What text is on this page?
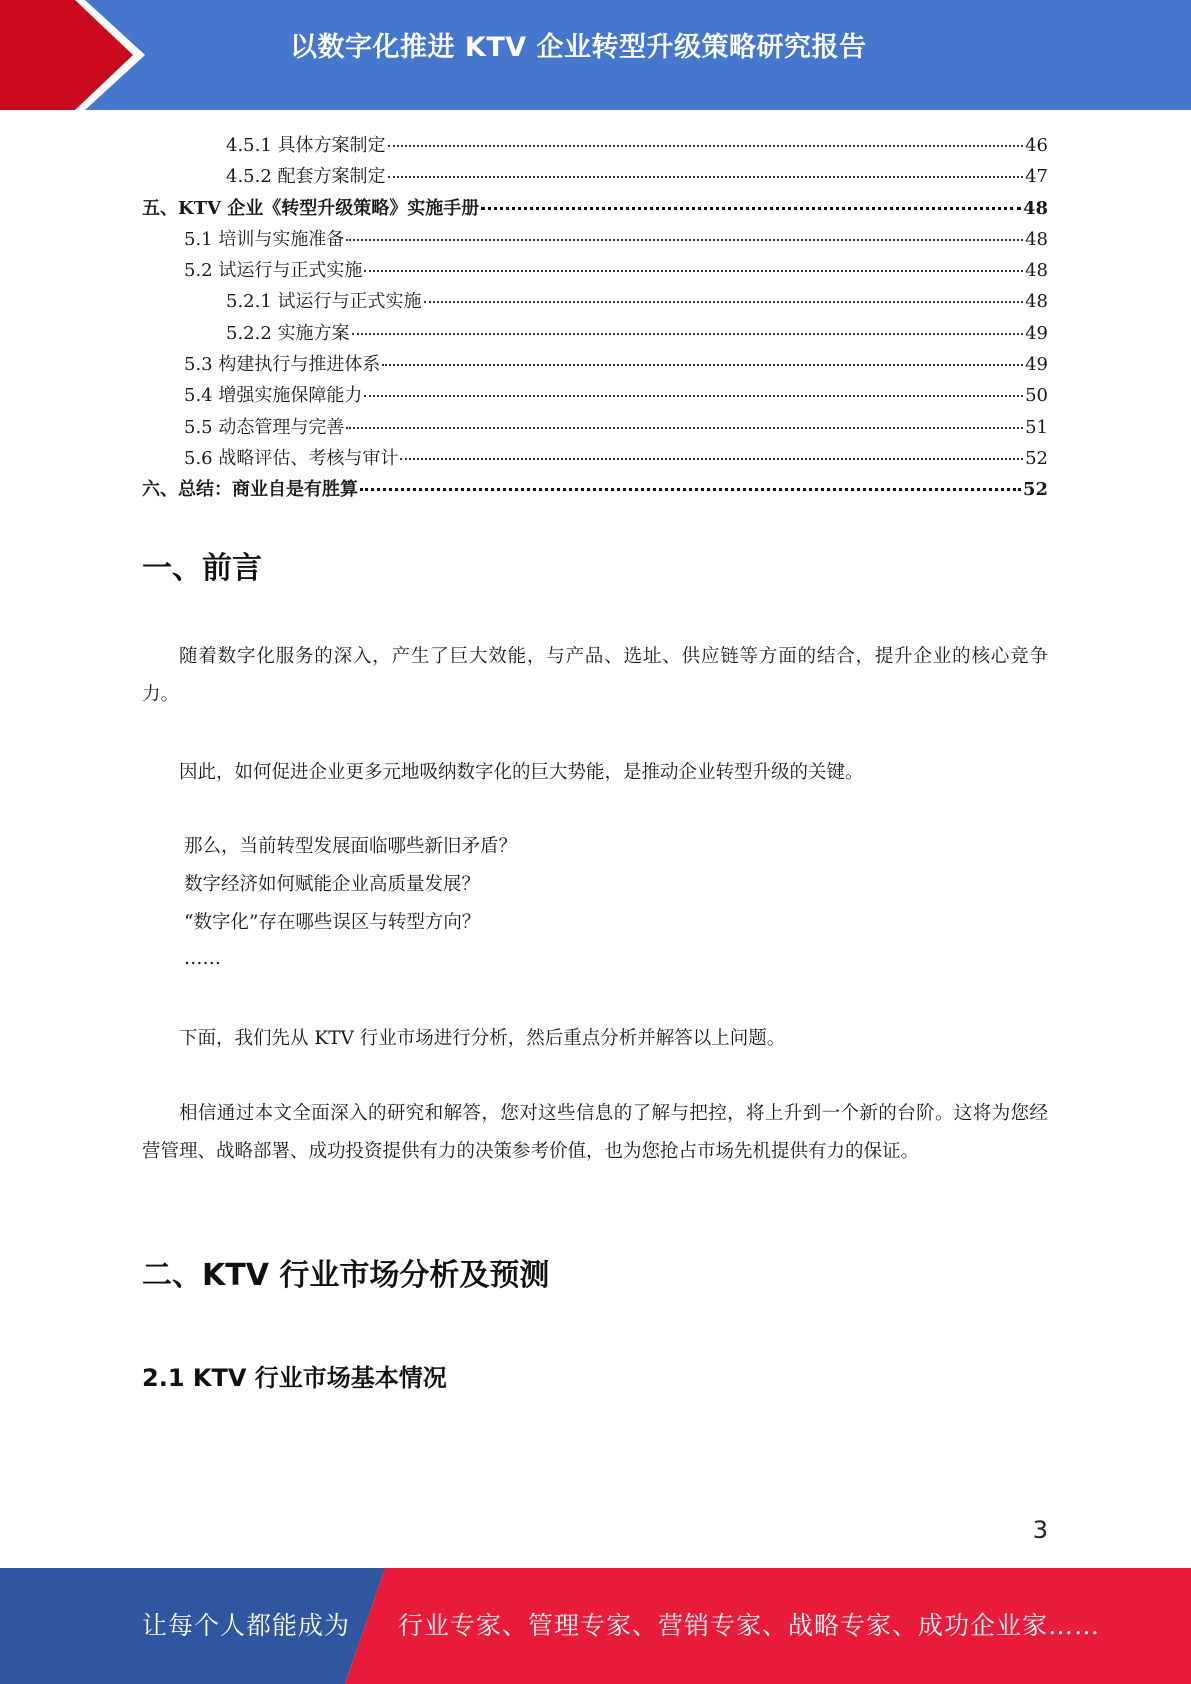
以数字化推进 KTV 企业转型升级策略研究报告
4.5.1 具体方案制定	46
4.5.2 配套方案制定	47
五、KTV 企业《转型升级策略》实施手册	48
5.1 培训与实施准备	48
5.2 试运行与正式实施	48
5.2.1 试运行与正式实施	48
5.2.2 实施方案	49
5.3 构建执行与推进体系	49
5.4 增强实施保障能力	50
5.5 动态管理与完善	51
5.6 战略评估、考核与审计	52
六、总结：商业自是有胜算	52
一、前言

随着数字化服务的深入，产生了巨大效能，与产品、选址、供应链等方面的结合，提升企业的核心竞争力。

因此，如何促进企业更多元地吸纳数字化的巨大势能，是推动企业转型升级的关键。

那么，当前转型发展面临哪些新旧矛盾？

数字经济如何赋能企业高质量发展？

“数字化”存在哪些误区与转型方向？

……

下面，我们先从 KTV 行业市场进行分析，然后重点分析并解答以上问题。

相信通过本文全面深入的研究和解答，您对这些信息的了解与把控，将上升到一个新的台阶。这将为您经营管理、战略部署、成功投资提供有力的决策参考价值，也为您抢占市场先机提供有力的保证。

二、KTV 行业市场分析及预测
2.1 KTV 行业市场基本情况
3
让每个人都能成为 行业专家、管理专家、营销专家、战略专家、成功企业家……
